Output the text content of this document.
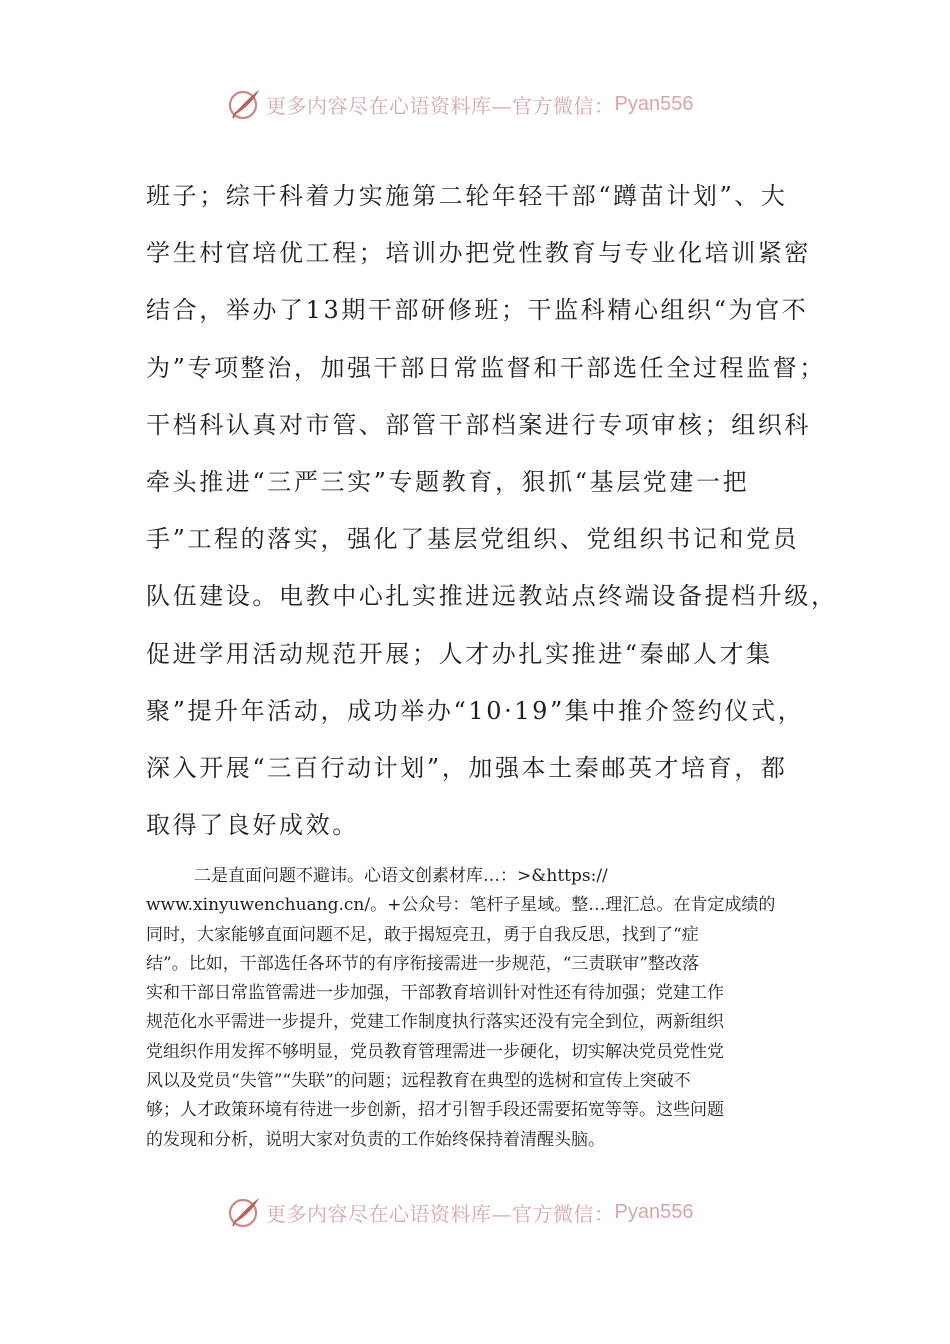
更多内容尽在心语资料库—官方微信： Pyan556
班子；综干科着力实施第二轮年轻干部“蹲苗计划”、大
学生村官培优工程；培训办把党性教育与专业化培训紧密
结合，举办了13期干部研修班；干监科精心组织“为官不
为”专项整治，加强干部日常监督和干部选任全过程监督；
干档科认真对市管、部管干部档案进行专项审核；组织科
牵头推进“三严三实”专题教育，狠抓“基层党建一把
手”工程的落实，强化了基层党组织、党组织书记和党员
队伍建设。电教中心扎实推进远教站点终端设备提档升级，
促进学用活动规范开展；人才办扎实推进“秦邮人才集
聚”提升年活动，成功举办“10·19”集中推介签约仪式，
深入开展“三百行动计划”，加强本土秦邮英才培育，都
取得了良好成效。
二是直面问题不避讳。心语文创素材库…：>&https://
www.xinyuwenchuang.cn/。+公众号：笔杆子星域。整…理汇总。在肯定成绩的
同时，大家能够直面问题不足，敢于揭短亮丑，勇于自我反思，找到了“症
结”。比如，干部选任各环节的有序衔接需进一步规范，“三责联审”整改落
实和干部日常监管需进一步加强，干部教育培训针对性还有待加强；党建工作
规范化水平需进一步提升，党建工作制度执行落实还没有完全到位，两新组织
党组织作用发挥不够明显，党员教育管理需进一步硬化，切实解决党员党性党
风以及党员“失管”“失联”的问题；远程教育在典型的选树和宣传上突破不
够；人才政策环境有待进一步创新，招才引智手段还需要拓宽等等。这些问题
的发现和分析，说明大家对负责的工作始终保持着清醒头脑。
更多内容尽在心语资料库—官方微信： Pyan556
